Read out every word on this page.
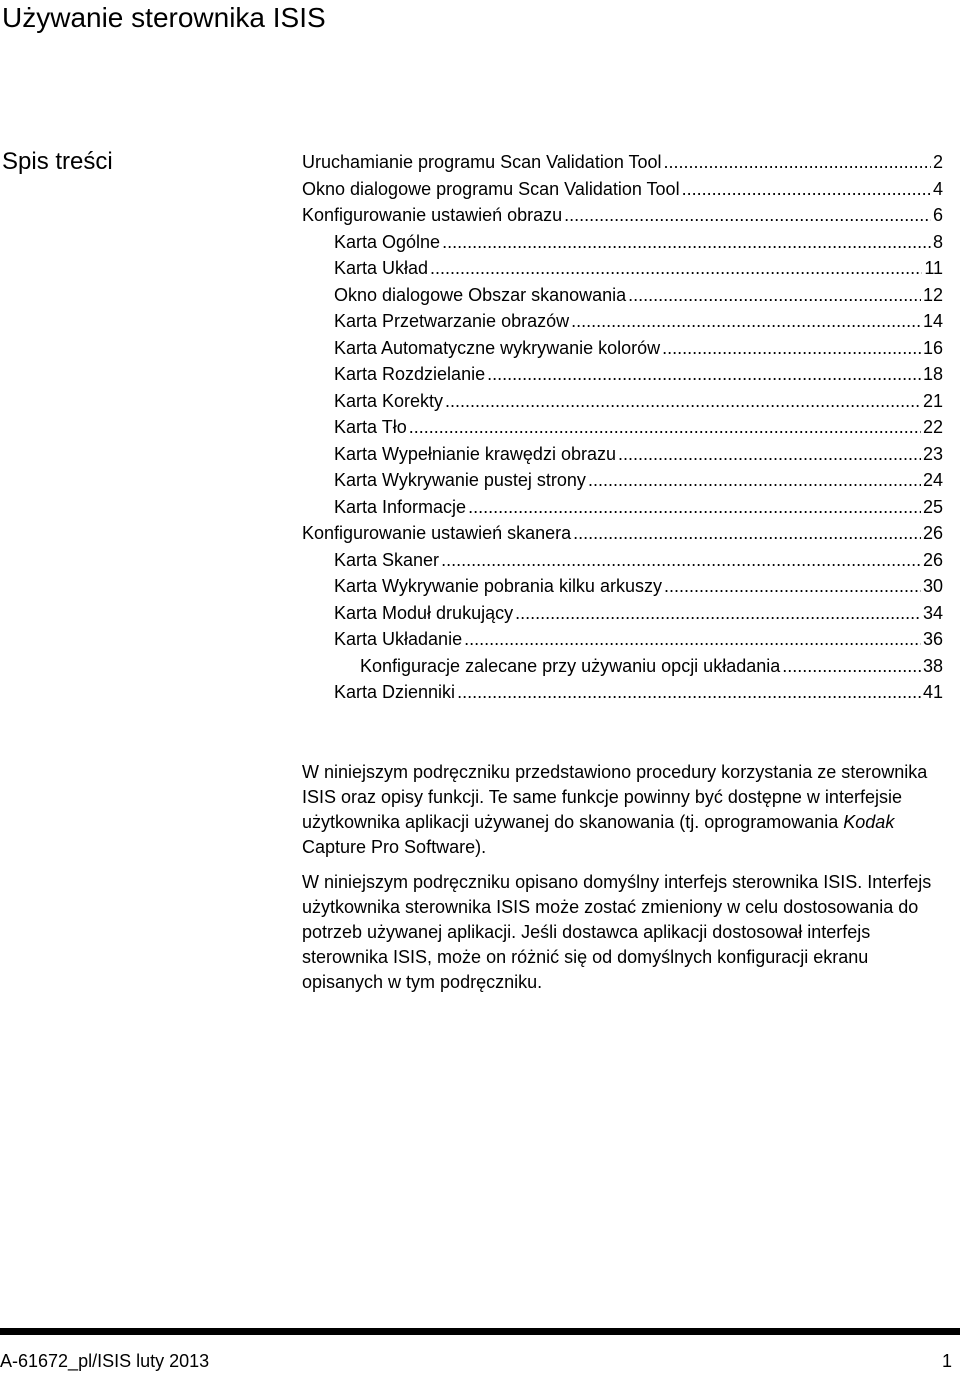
Używanie sterownika ISIS
Spis treści	Uruchamianie programu Scan Validation Tool .....	2
Okno dialogowe programu Scan Validation Tool .....	4
Konfigurowanie ustawień obrazu .....	6
Karta Ogólne .....	8
Karta Układ .....	11
Okno dialogowe Obszar skanowania .....	12
Karta Przetwarzanie obrazów .....	14
Karta Automatyczne wykrywanie kolorów .....	16
Karta Rozdzielanie .....	18
Karta Korekty .....	21
Karta Tło .....	22
Karta Wypełnianie krawędzi obrazu .....	23
Karta Wykrywanie pustej strony .....	24
Karta Informacje .....	25
Konfigurowanie ustawień skanera .....	26
Karta Skaner .....	26
Karta Wykrywanie pobrania kilku arkuszy .....	30
Karta Moduł drukujący .....	34
Karta Układanie .....	36
Konfiguracje zalecane przy używaniu opcji układania .....	38
Karta Dzienniki .....	41

W niniejszym podręczniku przedstawiono procedury korzystania ze sterownika ISIS oraz opisy funkcji. Te same funkcje powinny być dostępne w interfejsie użytkownika aplikacji używanej do skanowania (tj. oprogramowania Kodak Capture Pro Software).

W niniejszym podręczniku opisano domyślny interfejs sterownika ISIS. Interfejs użytkownika sterownika ISIS może zostać zmieniony w celu dostosowania do potrzeb używanej aplikacji. Jeśli dostawca aplikacji dostosował interfejs sterownika ISIS, może on różnić się od domyślnych konfiguracji ekranu opisanych w tym podręczniku.

A-61672_pl/ISIS luty 2013	1
